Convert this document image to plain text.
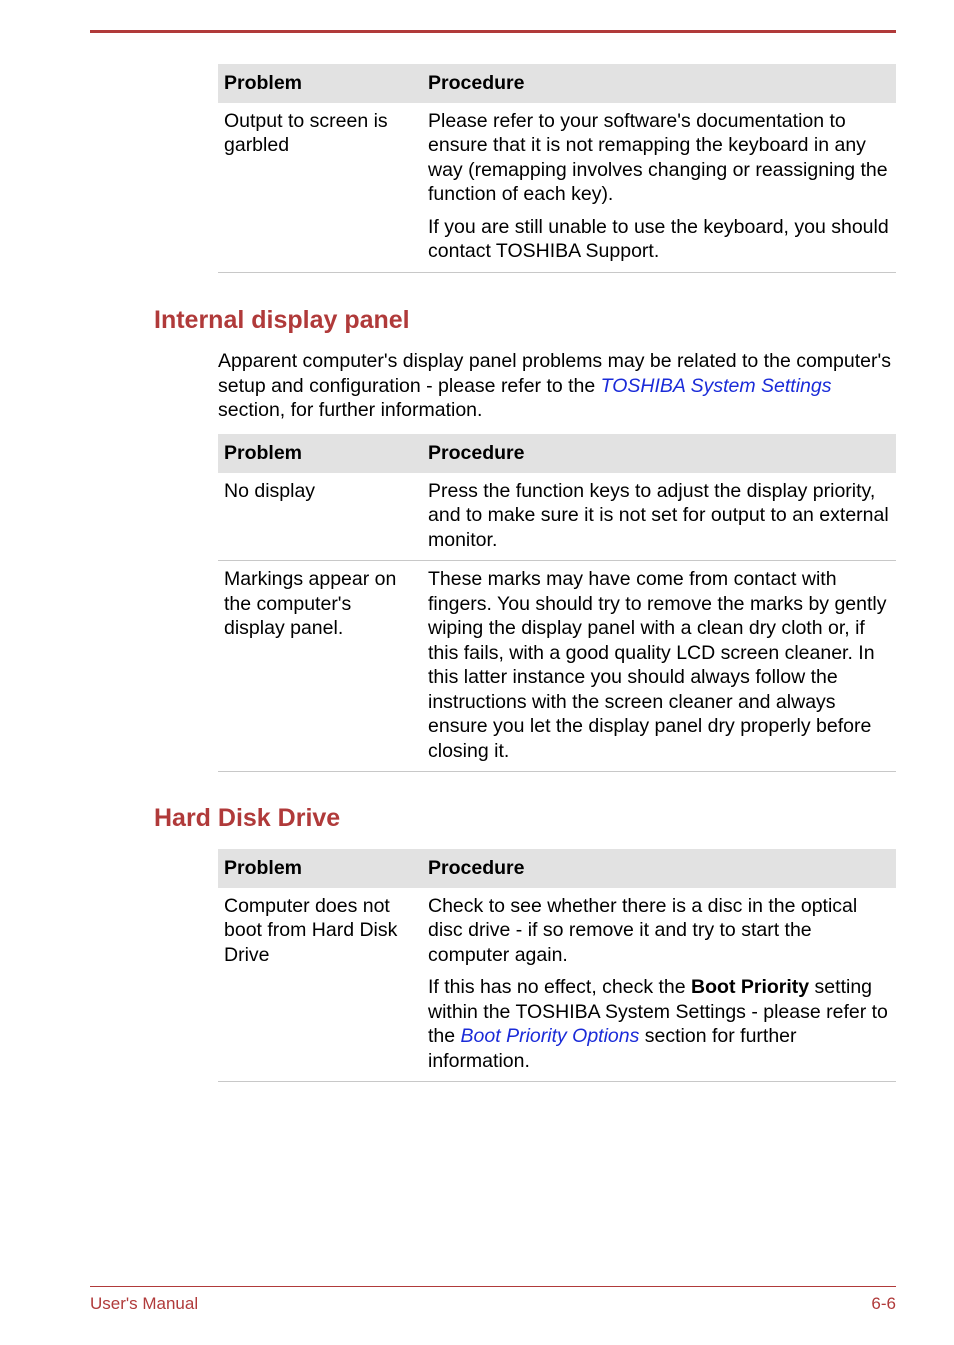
Problem	Procedure
Output to screen is garbled	Please refer to your software's documentation to ensure that it is not remapping the keyboard in any way (remapping involves changing or reassigning the function of each key).

If you are still unable to use the keyboard, you should contact TOSHIBA Support.

Internal display panel

Apparent computer's display panel problems may be related to the computer's setup and configuration - please refer to the TOSHIBA System Settings section, for further information.

Problem	Procedure
No display	Press the function keys to adjust the display priority, and to make sure it is not set for output to an external monitor.

Markings appear on the computer's display panel.	These marks may have come from contact with fingers. You should try to remove the marks by gently wiping the display panel with a clean dry cloth or, if this fails, with a good quality LCD screen cleaner. In this latter instance you should always follow the instructions with the screen cleaner and always ensure you let the display panel dry properly before closing it.

Hard Disk Drive
Problem	Procedure
Computer does not boot from Hard Disk Drive	Check to see whether there is a disc in the optical disc drive - if so remove it and try to start the computer again.

If this has no effect, check the Boot Priority setting within the TOSHIBA System Settings - please refer to the Boot Priority Options section for further information.

User's Manual	6-6
